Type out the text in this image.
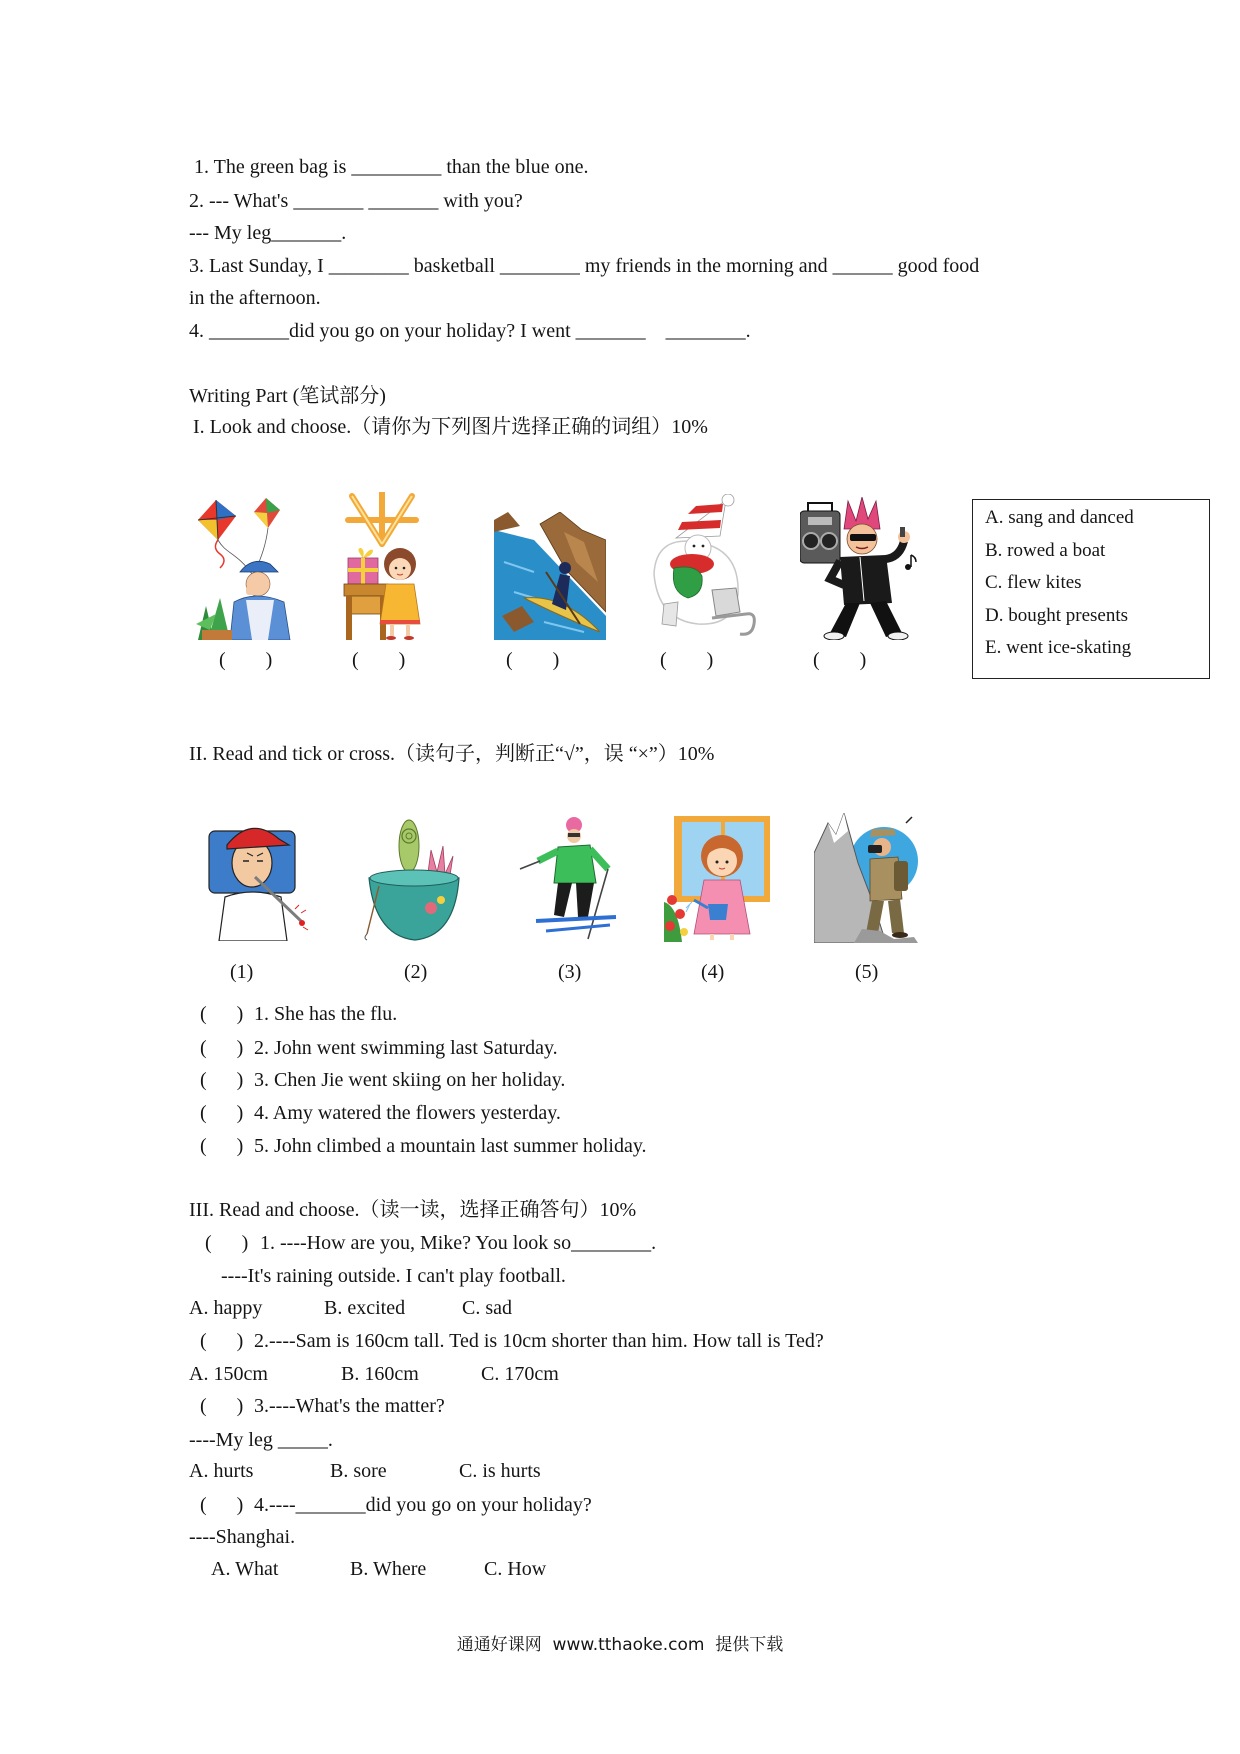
1. The green bag is _________ than the blue one.
2. --- What's _______ _______ with you?
--- My leg_______.
3. Last Sunday, I ________ basketball ________ my friends in the morning and ______ good food
in the afternoon.
4. ________did you go on your holiday? I went _______    ________.
Writing Part (笔试部分)
I. Look and choose.（请你为下列图片选择正确的词组）10%
(        )	(        )	(        )	(        )	(        )
A. sang and danced
B. rowed a boat
C. flew kites
D. bought presents
E. went ice-skating
II. Read and tick or cross.（读句子，判断正“√”，误 “×”）10%
(1)	(2)	(3)	(4)	(5)
(      ) 1. She has the flu.
(      ) 2. John went swimming last Saturday.
(      ) 3. Chen Jie went skiing on her holiday.
(      ) 4. Amy watered the flowers yesterday.
(      ) 5. John climbed a mountain last summer holiday.
III. Read and choose.（读一读，选择正确答句）10%
(      ) 1. ----How are you, Mike? You look so________.
----It's raining outside. I can't play football.
A. happy	B. excited	C. sad
(      ) 2.----Sam is 160cm tall. Ted is 10cm shorter than him. How tall is Ted?
A. 150cm	B. 160cm	C. 170cm
(      ) 3.----What's the matter?
----My leg _____.
A. hurts	B. sore	C. is hurts
(      ) 4.----_______did you go on your holiday?
----Shanghai.
A. What	B. Where	C. How
通通好课网  www.tthaoke.com  提供下载
